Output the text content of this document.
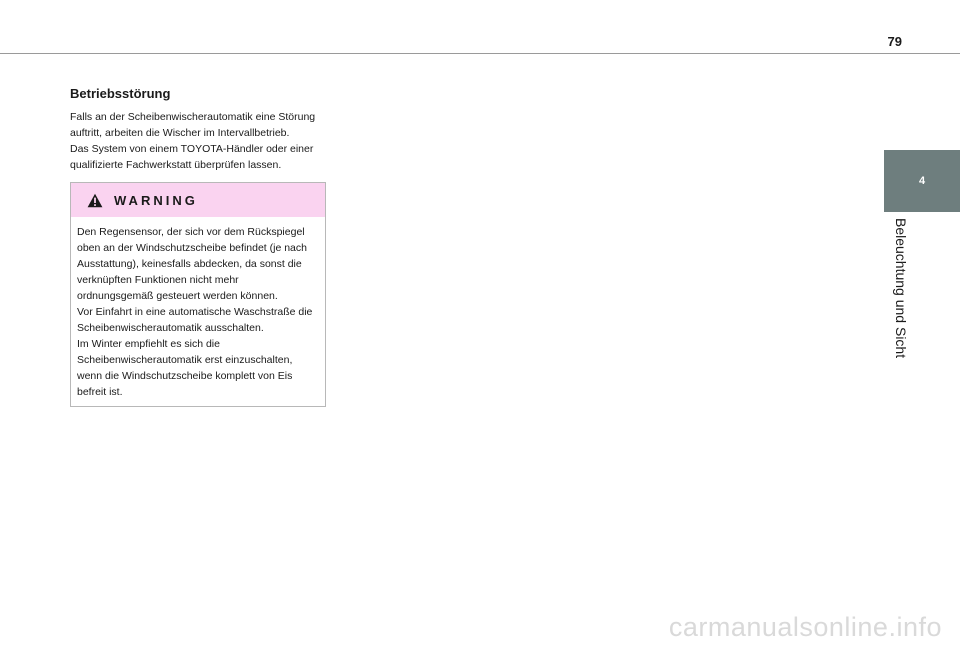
79
4
Beleuchtung und Sicht
Betriebsstörung

Falls an der Scheibenwischerautomatik eine Störung

auftritt, arbeiten die Wischer im Intervallbetrieb.

Das System von einem TOYOTA-Händler oder einer

qualifizierte Fachwerkstatt überprüfen lassen.

WARNING

Den Regensensor, der sich vor dem Rückspiegel

oben an der Windschutzscheibe befindet (je nach

Ausstattung), keinesfalls abdecken, da sonst die

verknüpften Funktionen nicht mehr

ordnungsgemäß gesteuert werden können.

Vor Einfahrt in eine automatische Waschstraße die

Scheibenwischerautomatik ausschalten.

Im Winter empfiehlt es sich die

Scheibenwischerautomatik erst einzuschalten,

wenn die Windschutzscheibe komplett von Eis

befreit ist.

carmanualsonline.info
